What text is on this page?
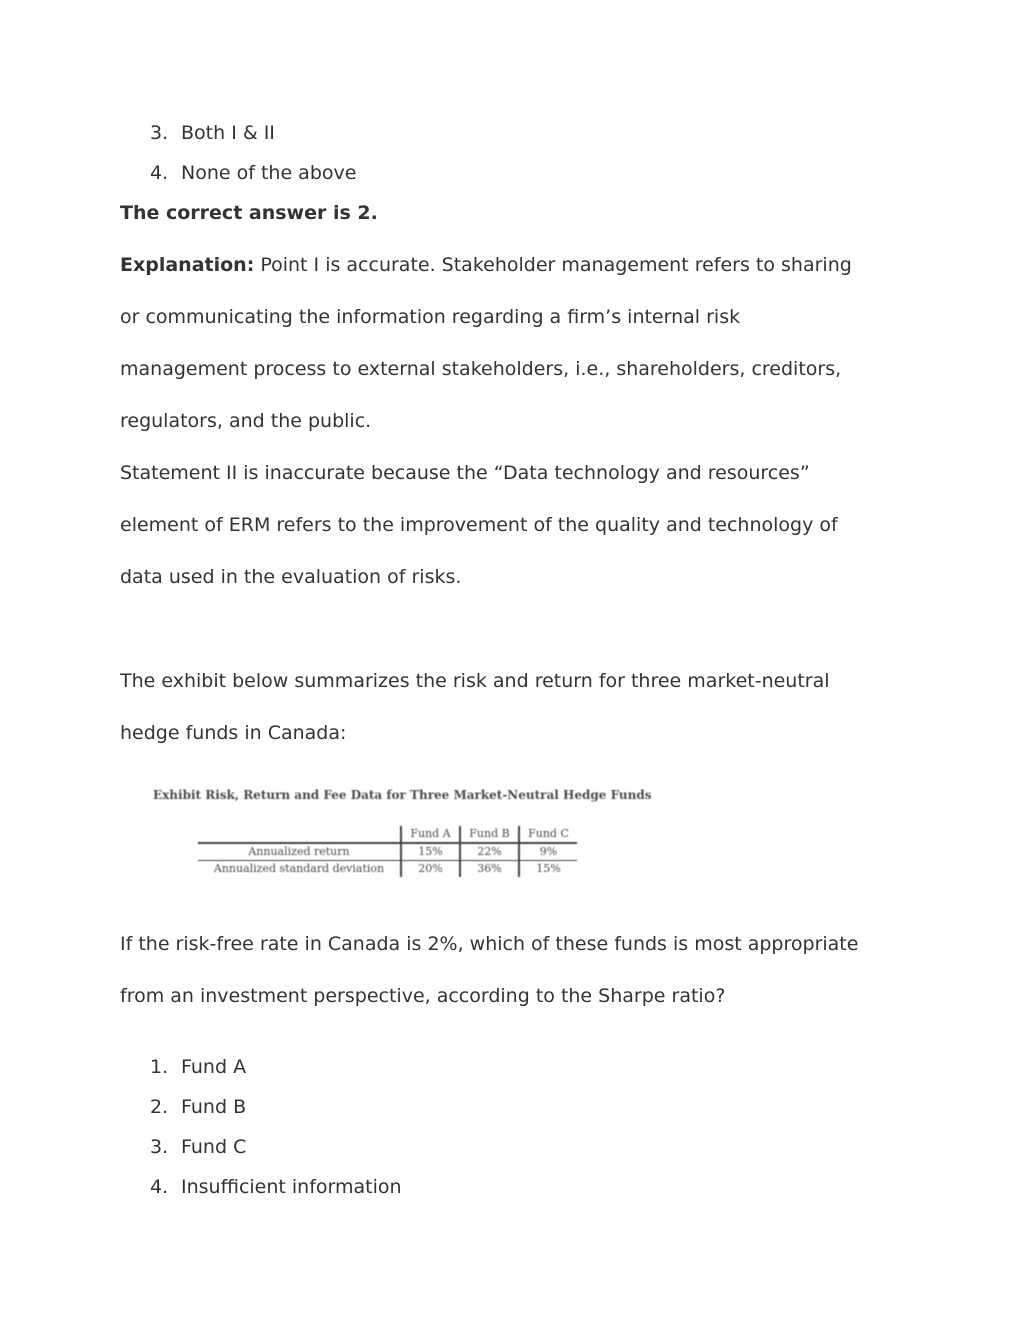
3. Both I & II
4. None of the above
The correct answer is 2.
Explanation: Point I is accurate. Stakeholder management refers to sharing
or communicating the information regarding a firm’s internal risk
management process to external stakeholders, i.e., shareholders, creditors,
regulators, and the public.
Statement II is inaccurate because the “Data technology and resources”
element of ERM refers to the improvement of the quality and technology of
data used in the evaluation of risks.
The exhibit below summarizes the risk and return for three market-neutral
hedge funds in Canada:
Exhibit Risk, Return and Fee Data for Three Market-Neutral Hedge Funds
	Fund A	Fund B	Fund C
Annualized return	15%	22%	9%
Annualized standard deviation	20%	36%	15%
If the risk-free rate in Canada is 2%, which of these funds is most appropriate
from an investment perspective, according to the Sharpe ratio?
1. Fund A
2. Fund B
3. Fund C
4. Insufficient information
